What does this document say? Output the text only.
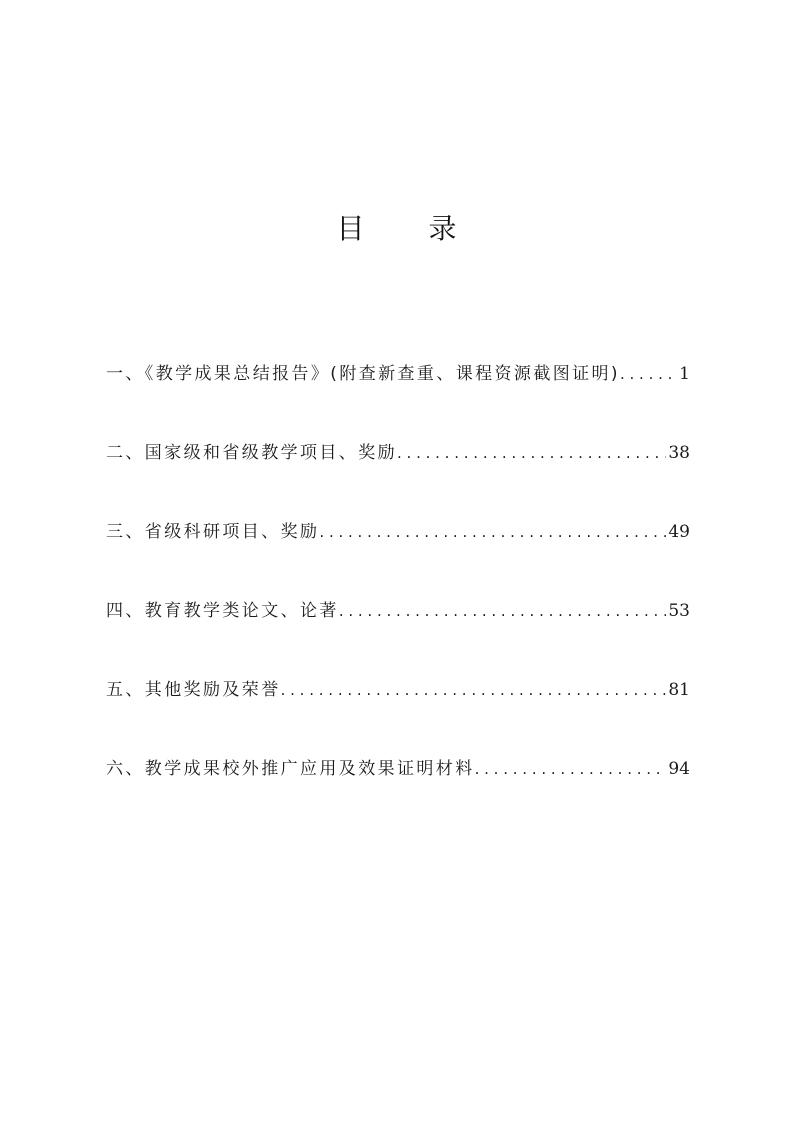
目录
一、《教学成果总结报告》(附查新查重、课程资源截图证明) . . .	1
二、国家级和省级教学项目、奖励 . . .	38
三、省级科研项目、奖励 . . .	49
四、教育教学类论文、论著 . . .	53
五、其他奖励及荣誉 . . .	81
六、教学成果校外推广应用及效果证明材料 . . .	94
